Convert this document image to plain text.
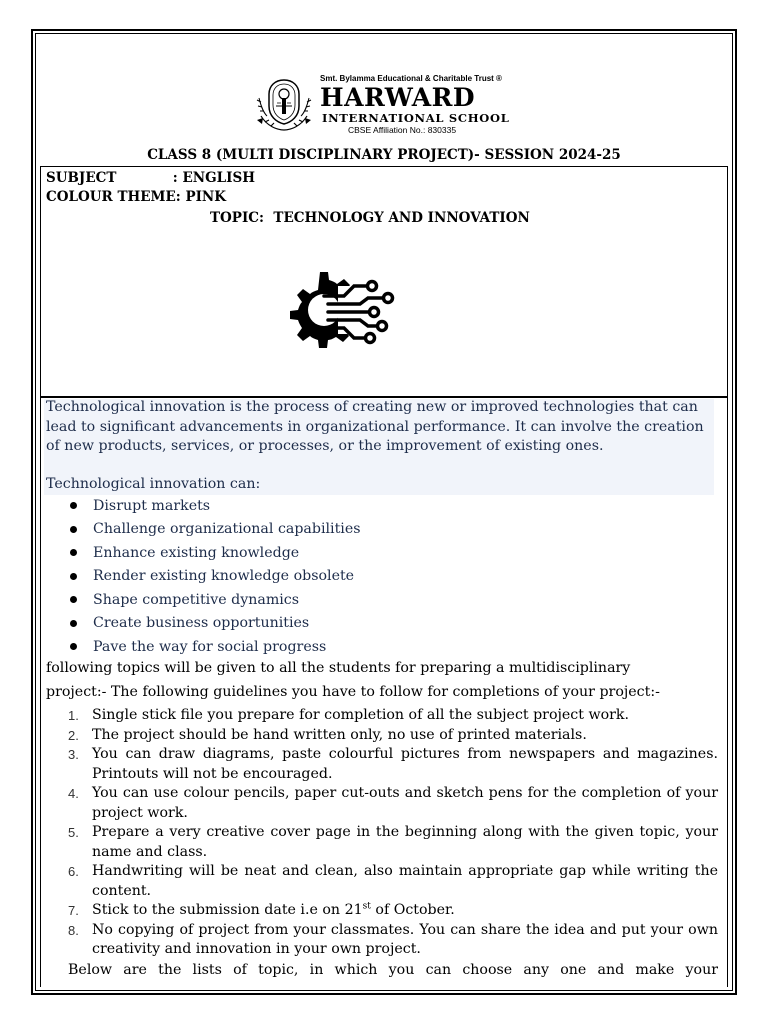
Smt. Bylamma Educational & Charitable Trust ®
HARWARD
INTERNATIONAL SCHOOL
CBSE Affiliation No.: 830335
CLASS 8 (MULTI DISCIPLINARY PROJECT)- SESSION 2024-25
SUBJECT            : ENGLISH
COLOUR THEME: PINK
TOPIC:  TECHNOLOGY AND INNOVATION

Technological innovation is the process of creating new or improved technologies that can lead to significant advancements in organizational performance. It can involve the creation of new products, services, or processes, or the improvement of existing ones.

Technological innovation can:
Disrupt markets
Challenge organizational capabilities
Enhance existing knowledge
Render existing knowledge obsolete
Shape competitive dynamics
Create business opportunities
Pave the way for social progress
following topics will be given to all the students for preparing a multidisciplinary
project:- The following guidelines you have to follow for completions of your project:-
1. Single stick file you prepare for completion of all the subject project work.
2. The project should be hand written only, no use of printed materials.
3. You can draw diagrams, paste colourful pictures from newspapers and magazines. Printouts will not be encouraged.
4. You can use colour pencils, paper cut-outs and sketch pens for the completion of your project work.
5. Prepare a very creative cover page in the beginning along with the given topic, your name and class.
6. Handwriting will be neat and clean, also maintain appropriate gap while writing the content.
7. Stick to the submission date i.e on 21st of October.
8. No copying of project from your classmates. You can share the idea and put your own creativity and innovation in your own project.
Below are the lists of topic, in which you can choose any one and make your
